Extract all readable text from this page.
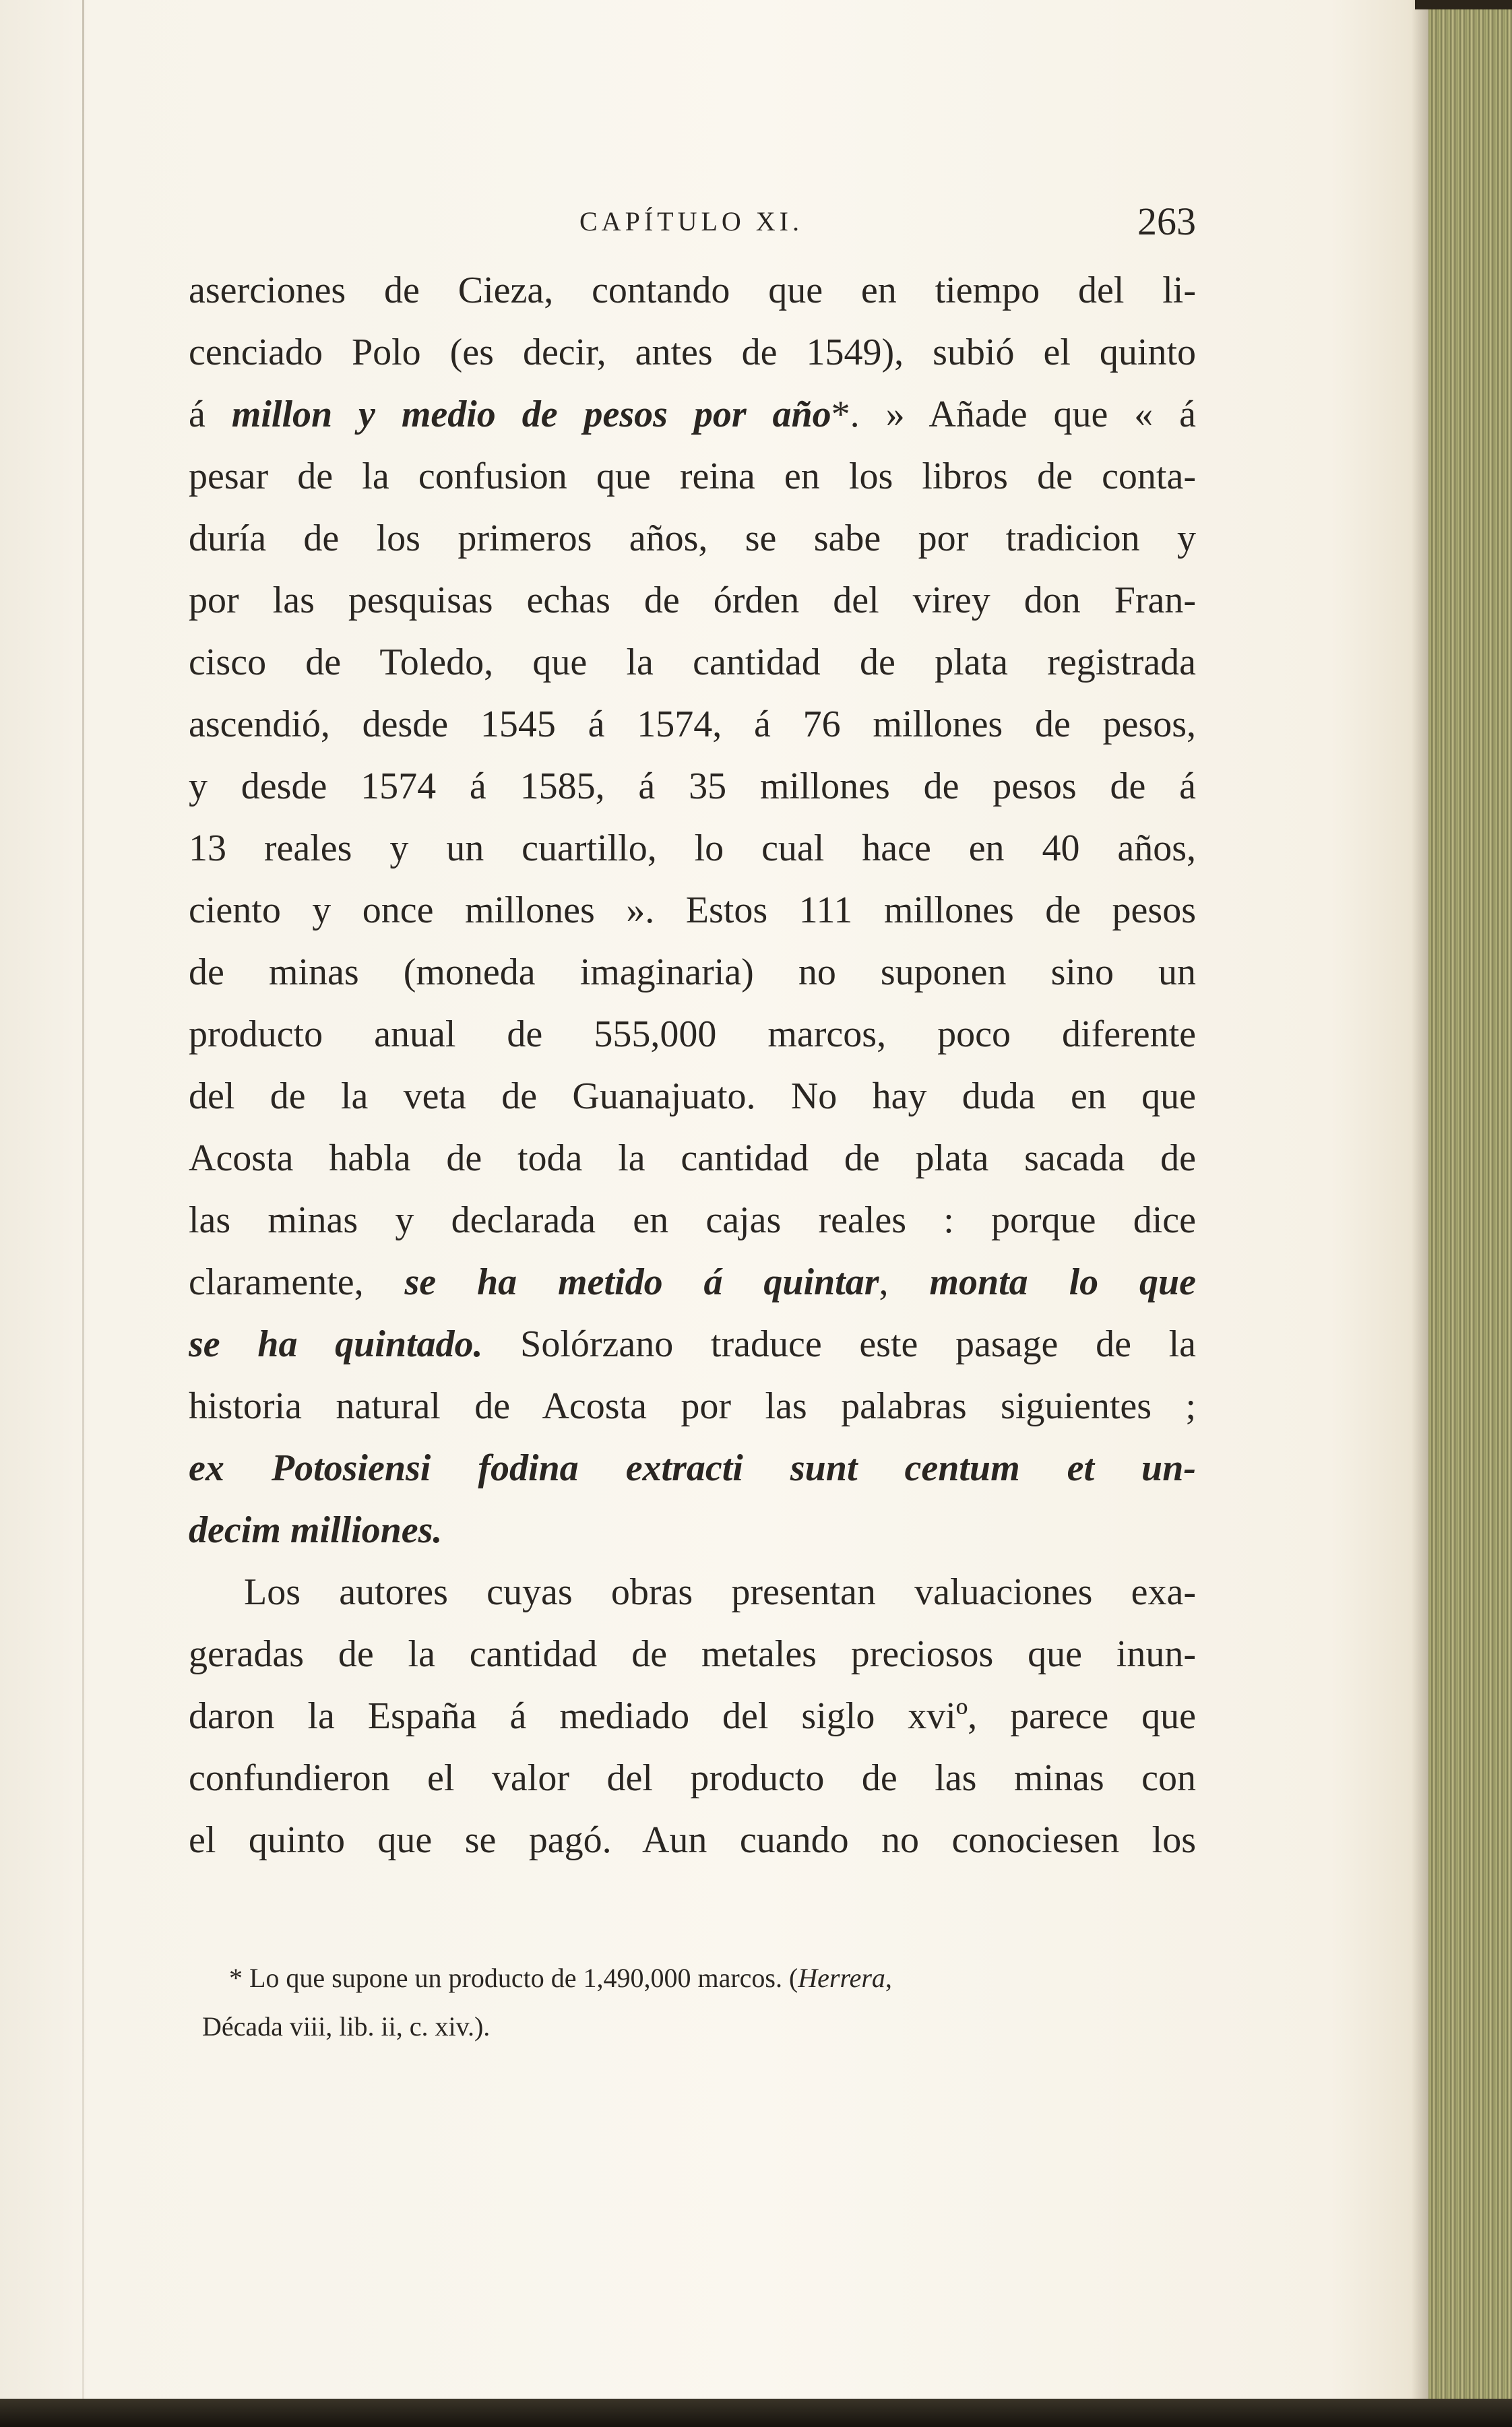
CAPÍTULO XI.	263
aserciones de Cieza, contando que en tiempo del li-
cenciado Polo (es decir, antes de 1549), subió el quinto
á millon y medio de pesos por año*. » Añade que « á
pesar de la confusion que reina en los libros de conta-
duría de los primeros años, se sabe por tradicion y
por las pesquisas echas de órden del virey don Fran-
cisco de Toledo, que la cantidad de plata registrada
ascendió, desde 1545 á 1574, á 76 millones de pesos,
y desde 1574 á 1585, á 35 millones de pesos de á
13 reales y un cuartillo, lo cual hace en 40 años,
ciento y once millones ». Estos 111 millones de pesos
de minas (moneda imaginaria) no suponen sino un
producto anual de 555,000 marcos, poco diferente
del de la veta de Guanajuato. No hay duda en que
Acosta habla de toda la cantidad de plata sacada de
las minas y declarada en cajas reales : porque dice
claramente, se ha metido á quintar, monta lo que
se ha quintado. Solórzano traduce este pasage de la
historia natural de Acosta por las palabras siguientes ;
ex Potosiensi fodina extracti sunt centum et un-
decim milliones.
Los autores cuyas obras presentan valuaciones exa-
geradas de la cantidad de metales preciosos que inun-
daron la España á mediado del siglo xviº, parece que
confundieron el valor del producto de las minas con
el quinto que se pagó. Aun cuando no conociesen los
* Lo que supone un producto de 1,490,000 marcos. (Herrera,
Década viii, lib. ii, c. xiv.).
